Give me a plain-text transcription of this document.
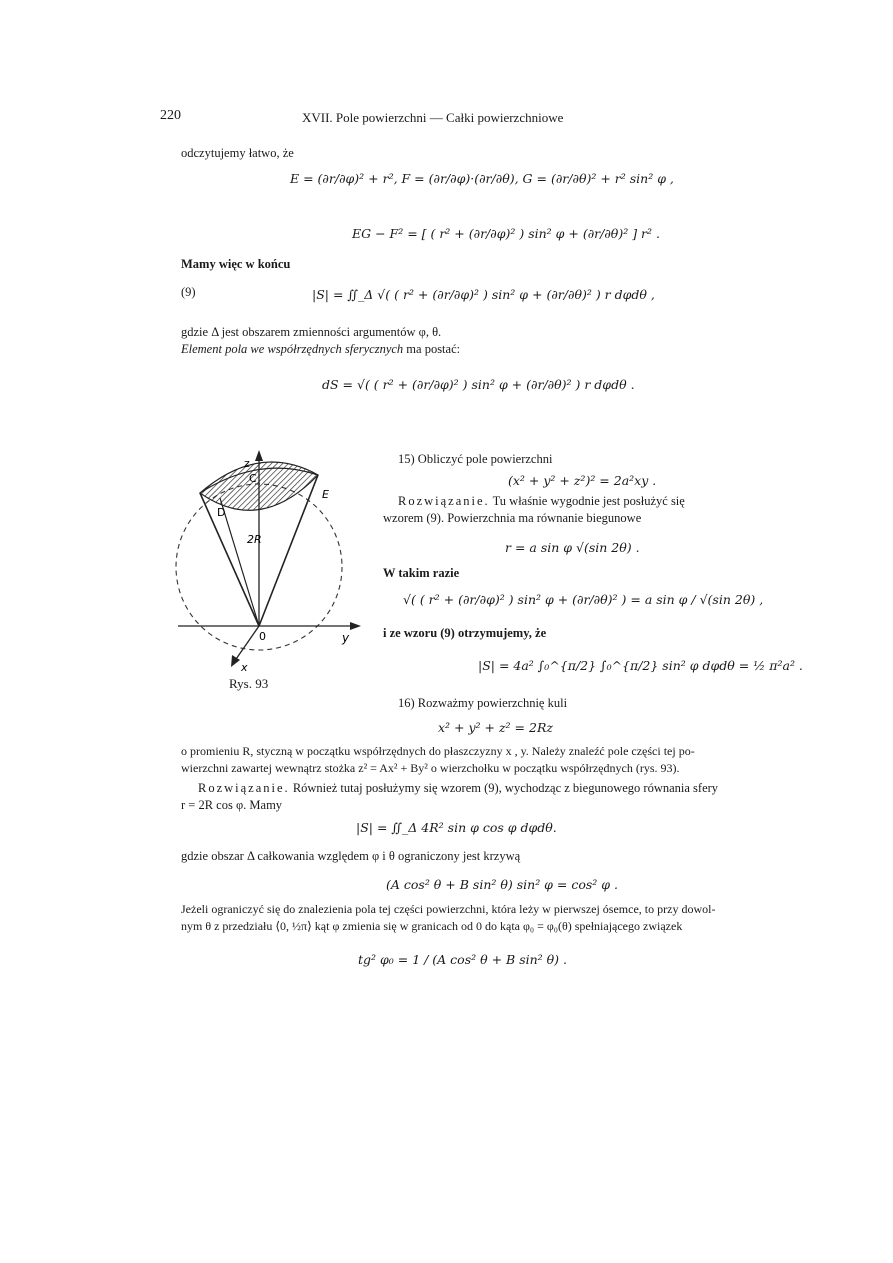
220	XVII. Pole powierzchni — Całki powierzchniowe
odczytujemy łatwo, że
E = (∂r/∂φ)² + r², F = (∂r/∂φ)·(∂r/∂θ), G = (∂r/∂θ)² + r² sin² φ ,
EG − F² = [ ( r² + (∂r/∂φ)² ) sin² φ + (∂r/∂θ)² ] r² .
Mamy więc w końcu
(9)	|S| = ∬_Δ √( ( r² + (∂r/∂φ)² ) sin² φ + (∂r/∂θ)² ) r dφdθ ,
gdzie Δ jest obszarem zmienności argumentów φ, θ.
Element pola we współrzędnych sferycznych ma postać:
dS = √( ( r² + (∂r/∂φ)² ) sin² φ + (∂r/∂θ)² ) r dφdθ .
z
C
E
D
2R
0	y
x
Rys. 93
15) Obliczyć pole powierzchni
(x² + y² + z²)² = 2a²xy .
Rozwiązanie. Tu właśnie wygodnie jest posłużyć się
wzorem (9). Powierzchnia ma równanie biegunowe
r = a sin φ √(sin 2θ) .
W takim razie
√( ( r² + (∂r/∂φ)² ) sin² φ + (∂r/∂θ)² ) = a sin φ / √(sin 2θ) ,
i ze wzoru (9) otrzymujemy, że
|S| = 4a² ∫₀^{π/2} ∫₀^{π/2} sin² φ dφdθ = ½ π²a² .
16) Rozważmy powierzchnię kuli
x² + y² + z² = 2Rz
o promieniu R, styczną w początku współrzędnych do płaszczyzny x , y. Należy znaleźć pole części tej po-
wierzchni zawartej wewnątrz stożka z² = Ax² + By² o wierzchołku w początku współrzędnych (rys. 93).
Rozwiązanie. Również tutaj posłużymy się wzorem (9), wychodząc z biegunowego równania sfery
r = 2R cos φ. Mamy
|S| = ∬_Δ 4R² sin φ cos φ dφdθ.
gdzie obszar Δ całkowania względem φ i θ ograniczony jest krzywą
(A cos² θ + B sin² θ) sin² φ = cos² φ .
Jeżeli ograniczyć się do znalezienia pola tej części powierzchni, która leży w pierwszej ósemce, to przy dowol-
nym θ z przedziału ⟨0, ½π⟩ kąt φ zmienia się w granicach od 0 do kąta φ₀ = φ₀(θ) spełniającego związek
tg² φ₀ = 1 / (A cos² θ + B sin² θ) .
